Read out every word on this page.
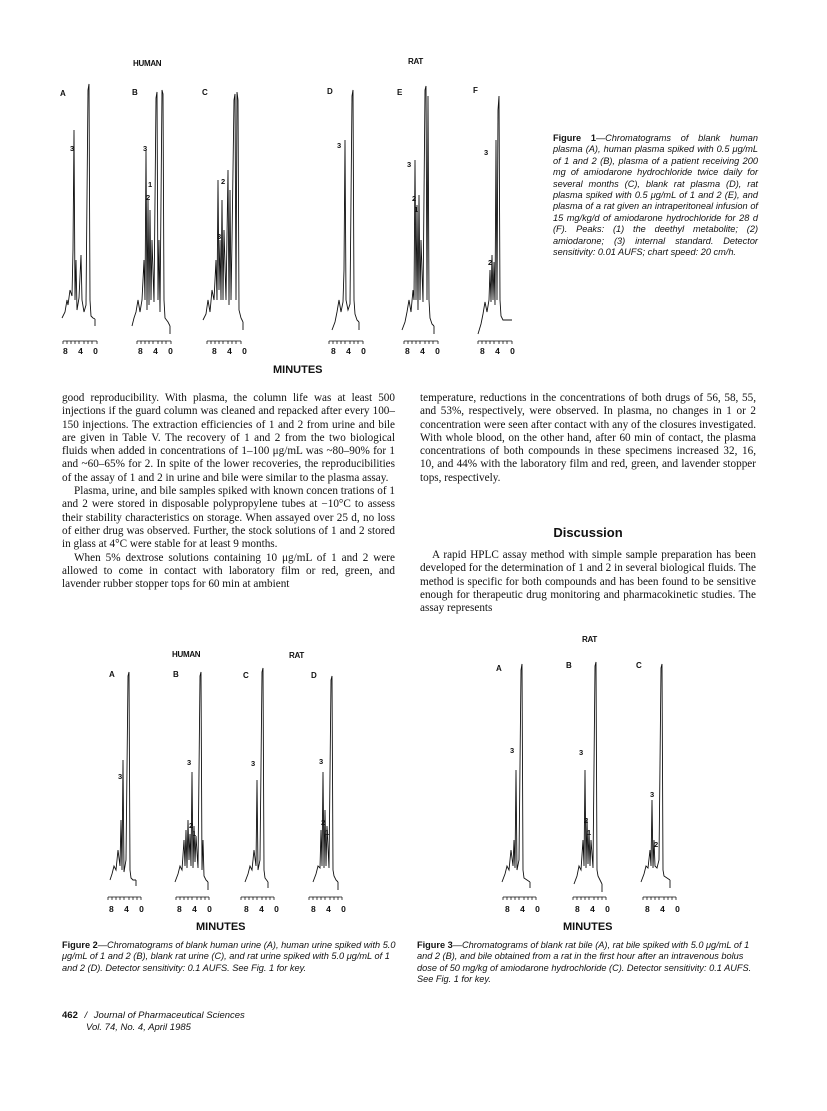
HUMAN	RAT
A	B	C	D	E	F
3	3
1
2
2
3
3
3
2
1
3
2
8 4 0	8 4 0	8 4 0	8 4 0	8 4 0	8 4 0
MINUTES
Figure 1—Chromatograms of blank human plasma (A), human plasma spiked with 0.5 μg/mL of 1 and 2 (B), plasma of a patient receiving 200 mg of amiodarone hydrochloride twice daily for several months (C), blank rat plasma (D), rat plasma spiked with 0.5 μg/mL of 1 and 2 (E), and plasma of a rat given an intraperitoneal infusion of 15 mg/kg/d of amiodarone hydrochloride for 28 d (F). Peaks: (1) the deethyl metabolite; (2) amiodarone; (3) internal standard. Detector sensitivity: 0.01 AUFS; chart speed: 20 cm/h.

good reproducibility. With plasma, the column life was at least 500 injections if the guard column was cleaned and repacked after every 100–150 injections. The extraction efficiencies of 1 and 2 from urine and bile are given in Table V. The recovery of 1 and 2 from the two biological fluids when added in concentrations of 1–100 μg/mL was ~80–90% for 1 and ~60–65% for 2. In spite of the lower recoveries, the reproducibilities of the assay of 1 and 2 in urine and bile were similar to the plasma assay.

Plasma, urine, and bile samples spiked with known concen trations of 1 and 2 were stored in disposable polypropylene tubes at −10°C to assess their stability characteristics on storage. When assayed over 25 d, no loss of either drug was observed. Further, the stock solutions of 1 and 2 stored in glass at 4°C were stable for at least 9 months.

When 5% dextrose solutions containing 10 μg/mL of 1 and 2 were allowed to come in contact with laboratory film or red, green, and lavender rubber stopper tops for 60 min at ambient

temperature, reductions in the concentrations of both drugs of 56, 58, 55, and 53%, respectively, were observed. In plasma, no changes in 1 or 2 concentration were seen after contact with any of the closures investigated. With whole blood, on the other hand, after 60 min of contact, the plasma concentrations of both compounds in these specimens increased 32, 16, 10, and 44% with the laboratory film and red, green, and lavender stopper tops, respectively.

Discussion

A rapid HPLC assay method with simple sample preparation has been developed for the determination of 1 and 2 in several biological fluids. The method is specific for both compounds and has been found to be sensitive enough for therapeutic drug monitoring and pharmacokinetic studies. The assay represents

HUMAN	RAT
A	B	C	D
3
3
2
1
3	3
2
1
8 4 0	8 4 0	8 4 0	8 4 0
MINUTES
Figure 2—Chromatograms of blank human urine (A), human urine spiked with 5.0 μg/mL of 1 and 2 (B), blank rat urine (C), and rat urine spiked with 5.0 μg/mL of 1 and 2 (D). Detector sensitivity: 0.1 AUFS. See Fig. 1 for key.
RAT
A	B	C
3	3
2
1
3
2
8 4 0	8 4 0	8 4 0
MINUTES
Figure 3—Chromatograms of blank rat bile (A), rat bile spiked with 5.0 μg/mL of 1 and 2 (B), and bile obtained from a rat in the first hour after an intravenous bolus dose of 50 mg/kg of amiodarone hydrochloride (C). Detector sensitivity: 0.1 AUFS. See Fig. 1 for key.
462 / Journal of Pharmaceutical Sciences
Vol. 74, No. 4, April 1985
